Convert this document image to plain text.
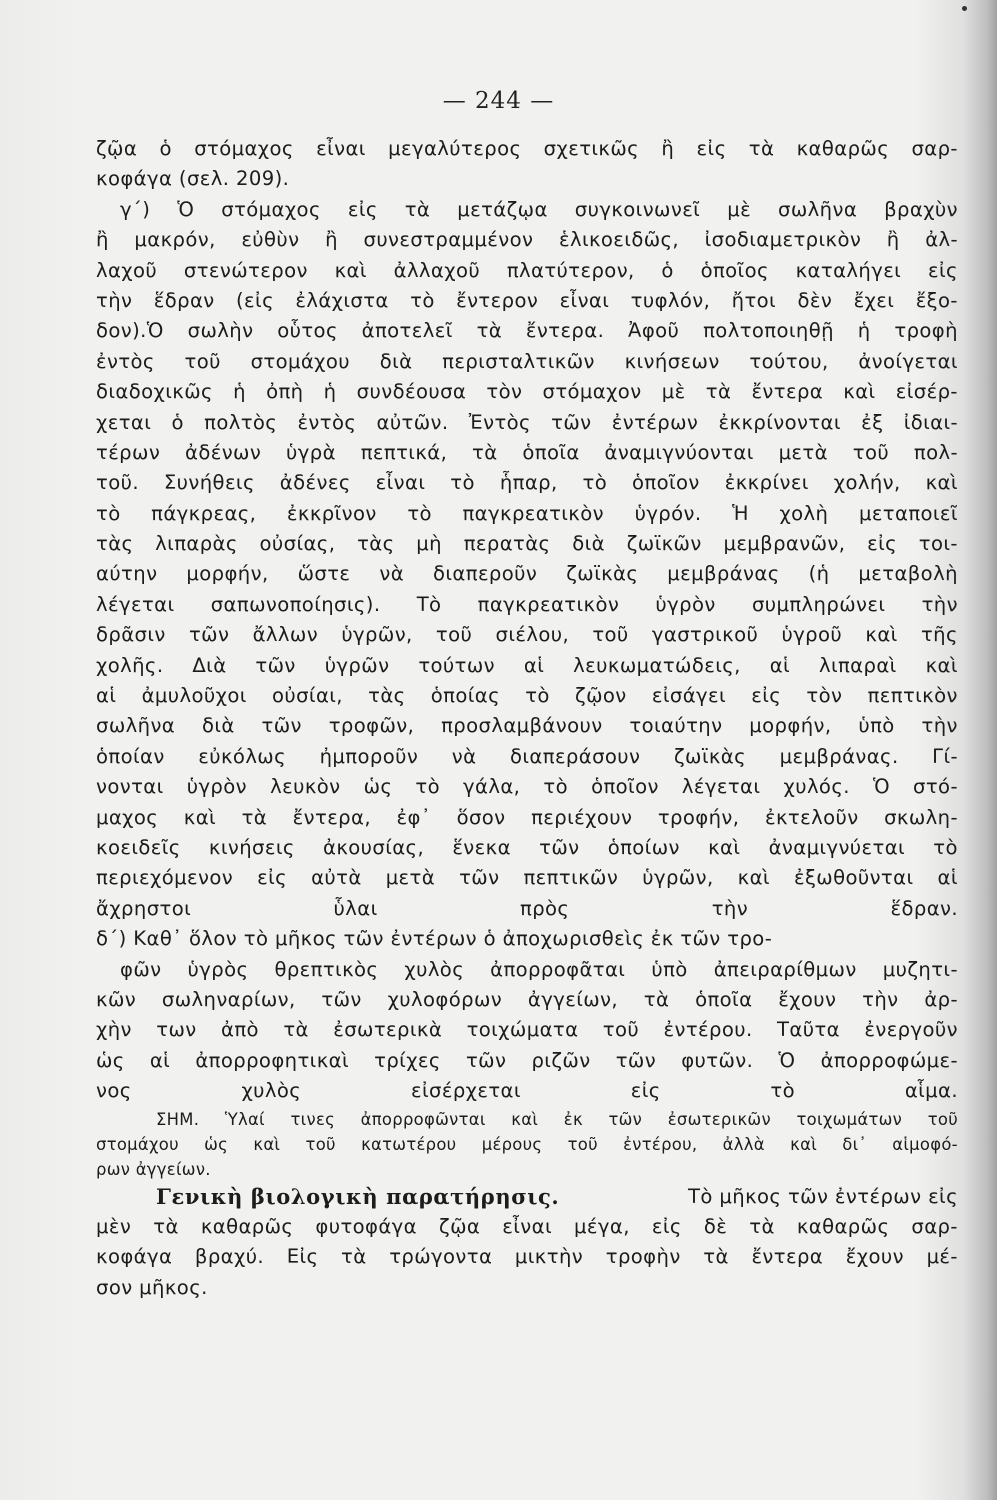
— 244 —
ζῷα ὁ στόμαχος εἶναι μεγαλύτερος σχετικῶς ἢ εἰς τὰ καθαρῶς σαρ-
κοφάγα (σελ. 209).
γ΄) Ὁ στόμαχος εἰς τὰ μετάζῳα συγκοινωνεῖ μὲ σωλῆνα βραχὺν
ἢ μακρόν, εὐθὺν ἢ συνεστραμμένον ἑλικοειδῶς, ἰσοδιαμετρικὸν ἢ ἀλ-
λαχοῦ στενώτερον καὶ ἀλλαχοῦ πλατύτερον, ὁ ὁποῖος καταλήγει εἰς
τὴν ἕδραν (εἰς ἐλάχιστα τὸ ἔντερον εἶναι τυφλόν, ἤτοι δὲν ἔχει ἔξο-
δον).Ὁ σωλὴν οὗτος ἀποτελεῖ τὰ ἔντερα. Ἀφοῦ πολτοποιηθῇ ἡ τροφὴ
ἐντὸς τοῦ στομάχου διὰ περισταλτικῶν κινήσεων τούτου, ἀνοίγεται
διαδοχικῶς ἡ ὀπὴ ἡ συνδέουσα τὸν στόμαχον μὲ τὰ ἔντερα καὶ εἰσέρ-
χεται ὁ πολτὸς ἐντὸς αὐτῶν. Ἐντὸς τῶν ἐντέρων ἐκκρίνονται ἐξ ἰδιαι-
τέρων ἀδένων ὑγρὰ πεπτικά, τὰ ὁποῖα ἀναμιγνύονται μετὰ τοῦ πολ-
τοῦ. Συνήθεις ἀδένες εἶναι τὸ ἧπαρ, τὸ ὁποῖον ἐκκρίνει χολήν, καὶ
τὸ πάγκρεας, ἐκκρῖνον τὸ παγκρεατικὸν ὑγρόν. Ἡ χολὴ μεταποιεῖ
τὰς λιπαρὰς οὐσίας, τὰς μὴ περατὰς διὰ ζωϊκῶν μεμβρανῶν, εἰς τοι-
αύτην μορφήν, ὥστε νὰ διαπεροῦν ζωϊκὰς μεμβράνας (ἡ μεταβολὴ
λέγεται σαπωνοποίησις). Τὸ παγκρεατικὸν ὑγρὸν συμπληρώνει τὴν
δρᾶσιν τῶν ἄλλων ὑγρῶν, τοῦ σιέλου, τοῦ γαστρικοῦ ὑγροῦ καὶ τῆς
χολῆς. Διὰ τῶν ὑγρῶν τούτων αἱ λευκωματώδεις, αἱ λιπαραὶ καὶ
αἱ ἀμυλοῦχοι οὐσίαι, τὰς ὁποίας τὸ ζῷον εἰσάγει εἰς τὸν πεπτικὸν
σωλῆνα διὰ τῶν τροφῶν, προσλαμβάνουν τοιαύτην μορφήν, ὑπὸ τὴν
ὁποίαν εὐκόλως ἠμποροῦν νὰ διαπεράσουν ζωϊκὰς μεμβράνας. Γί-
νονται ὑγρὸν λευκὸν ὡς τὸ γάλα, τὸ ὁποῖον λέγεται χυλός. Ὁ στό-
μαχος καὶ τὰ ἔντερα, ἐφ᾽ ὅσον περιέχουν τροφήν, ἐκτελοῦν σκωλη-
κοειδεῖς κινήσεις ἀκουσίας, ἕνεκα τῶν ὁποίων καὶ ἀναμιγνύεται τὸ
περιεχόμενον εἰς αὐτὰ μετὰ τῶν πεπτικῶν ὑγρῶν, καὶ ἐξωθοῦνται αἱ
ἄχρηστοι	ὗλαι	πρὸς	τὴν	ἕδραν.
δ΄) Καθ᾽ ὅλον τὸ μῆκος τῶν ἐντέρων ὁ ἀποχωρισθεὶς ἐκ τῶν τρο-
φῶν ὑγρὸς θρεπτικὸς χυλὸς ἀπορροφᾶται ὑπὸ ἀπειραρίθμων μυζητι-
κῶν σωληναρίων, τῶν χυλοφόρων ἀγγείων, τὰ ὁποῖα ἔχουν τὴν ἀρ-
χὴν των ἀπὸ τὰ ἐσωτερικὰ τοιχώματα τοῦ ἐντέρου. Ταῦτα ἐνεργοῦν
ὡς αἱ ἀπορροφητικαὶ τρίχες τῶν ριζῶν τῶν φυτῶν. Ὁ ἀπορροφώμε-
νος	χυλὸς	εἰσέρχεται	εἰς	τὸ	αἷμα.
ΣΗΜ. Ὑλαί τινες ἀπορροφῶνται καὶ ἐκ τῶν ἐσωτερικῶν τοιχωμάτων τοῦ
στομάχου ὡς καὶ τοῦ κατωτέρου μέρους τοῦ ἐντέρου, ἀλλὰ καὶ δι᾽ αἱμοφό-
ρων ἀγγείων.
Γενικὴ βιολογικὴ παρατήρησις.	Τὸ μῆκος τῶν ἐντέρων εἰς
μὲν τὰ καθαρῶς φυτοφάγα ζῷα εἶναι μέγα, εἰς δὲ τὰ καθαρῶς σαρ-
κοφάγα βραχύ. Εἰς τὰ τρώγοντα μικτὴν τροφὴν τὰ ἔντερα ἔχουν μέ-
σον μῆκος.
